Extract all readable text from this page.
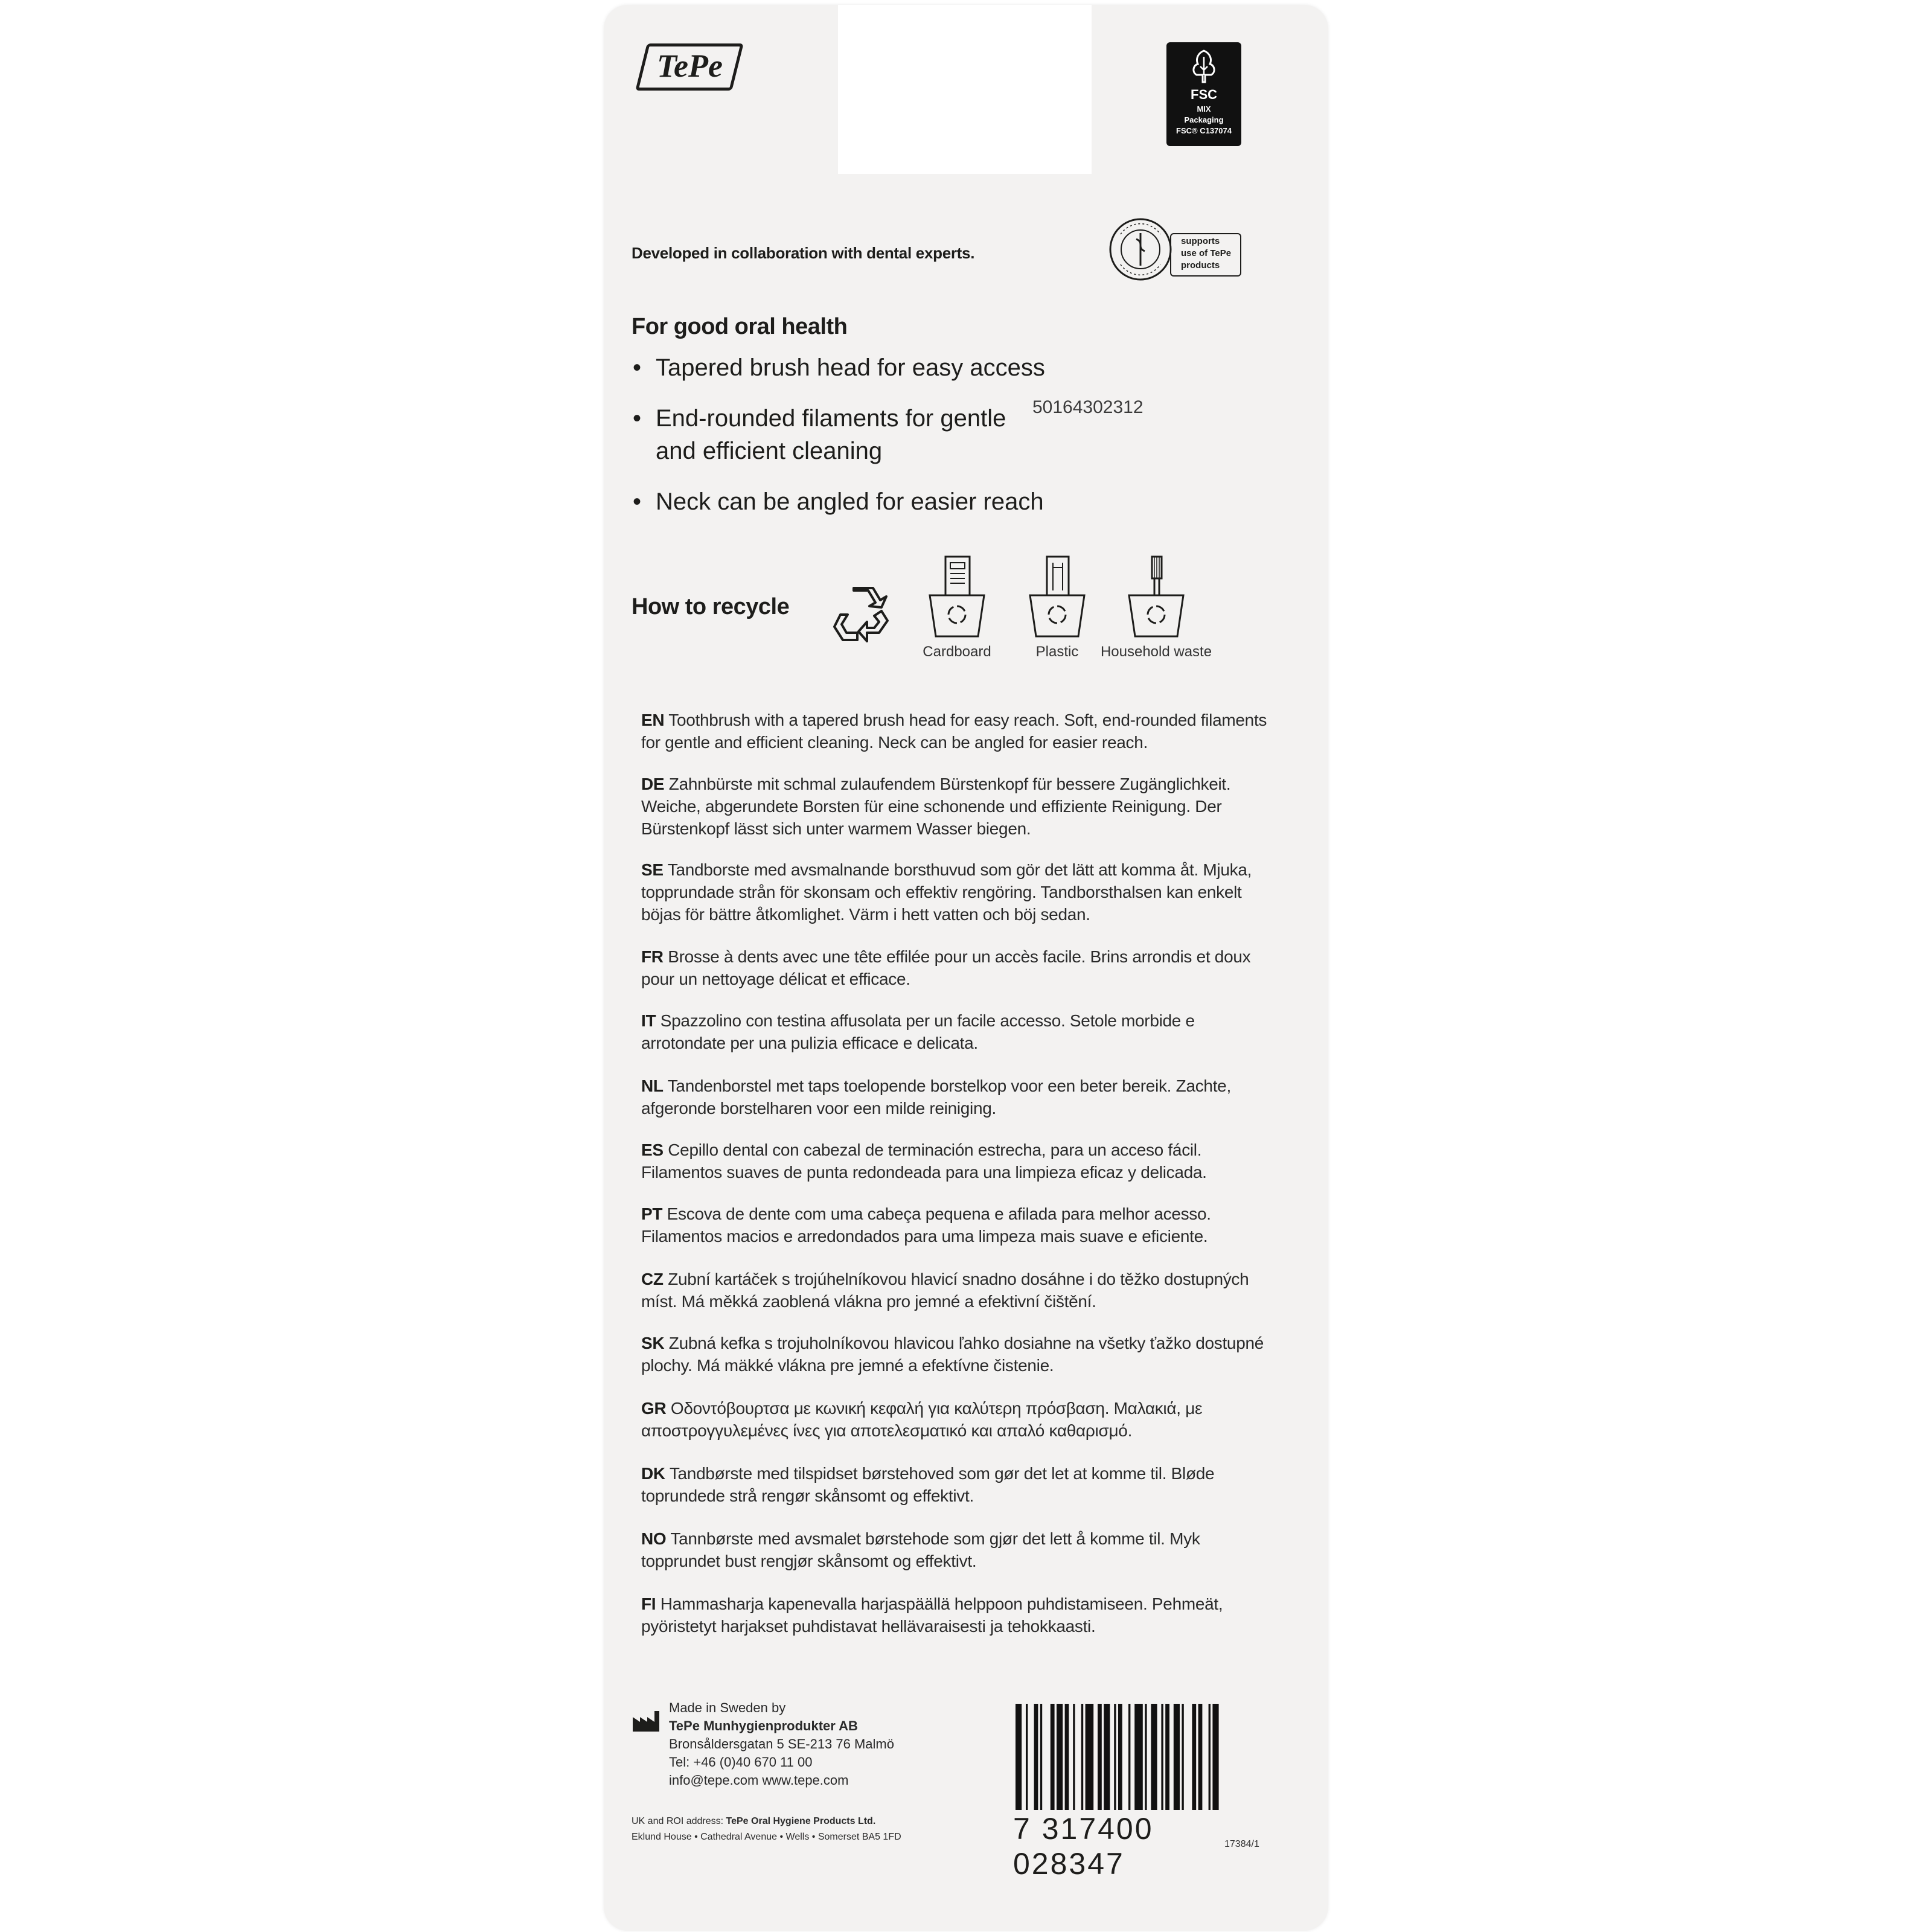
TePe
FSC
MIX
Packaging
FSC® C137074
Developed in collaboration with dental experts.
supports
use of TePe
products
For good oral health
• Tapered brush head for easy access
• End-rounded filaments for gentle and efficient cleaning
• Neck can be angled for easier reach
50164302312
How to recycle
Cardboard	Plastic	Household waste
EN Toothbrush with a tapered brush head for easy reach. Soft, end-rounded filaments for gentle and efficient cleaning. Neck can be angled for easier reach.
DE Zahnbürste mit schmal zulaufendem Bürstenkopf für bessere Zugänglichkeit. Weiche, abgerundete Borsten für eine schonende und effiziente Reinigung. Der Bürstenkopf lässt sich unter warmem Wasser biegen.
SE Tandborste med avsmalnande borsthuvud som gör det lätt att komma åt. Mjuka, topprundade strån för skonsam och effektiv rengöring. Tandborsthalsen kan enkelt böjas för bättre åtkomlighet. Värm i hett vatten och böj sedan.
FR Brosse à dents avec une tête effilée pour un accès facile. Brins arrondis et doux pour un nettoyage délicat et efficace.
IT Spazzolino con testina affusolata per un facile accesso. Setole morbide e arrotondate per una pulizia efficace e delicata.
NL Tandenborstel met taps toelopende borstelkop voor een beter bereik. Zachte, afgeronde borstelharen voor een milde reiniging.
ES Cepillo dental con cabezal de terminación estrecha, para un acceso fácil. Filamentos suaves de punta redondeada para una limpieza eficaz y delicada.
PT Escova de dente com uma cabeça pequena e afilada para melhor acesso. Filamentos macios e arredondados para uma limpeza mais suave e eficiente.
CZ Zubní kartáček s trojúhelníkovou hlavicí snadno dosáhne i do těžko dostupných míst. Má měkká zaoblená vlákna pro jemné a efektivní čištění.
SK Zubná kefka s trojuholníkovou hlavicou ľahko dosiahne na všetky ťažko dostupné plochy. Má mäkké vlákna pre jemné a efektívne čistenie.
GR Οδοντόβουρτσα με κωνική κεφαλή για καλύτερη πρόσβαση. Μαλακιά, με αποστρογγυλεμένες ίνες για αποτελεσματικό και απαλό καθαρισμό.
DK Tandbørste med tilspidset børstehoved som gør det let at komme til. Bløde toprundede strå rengør skånsomt og effektivt.
NO Tannbørste med avsmalet børstehode som gjør det lett å komme til. Myk topprundet bust rengjør skånsomt og effektivt.
FI Hammasharja kapenevalla harjaspäällä helppoon puhdistamiseen. Pehmeät, pyöristetyt harjakset puhdistavat hellävaraisesti ja tehokkaasti.
Made in Sweden by
TePe Munhygienprodukter AB
Bronsåldersgatan 5 SE-213 76 Malmö
Tel: +46 (0)40 670 11 00
info@tepe.com www.tepe.com
UK and ROI address: TePe Oral Hygiene Products Ltd.
Eklund House • Cathedral Avenue • Wells • Somerset BA5 1FD	7 317400 028347
17384/1
